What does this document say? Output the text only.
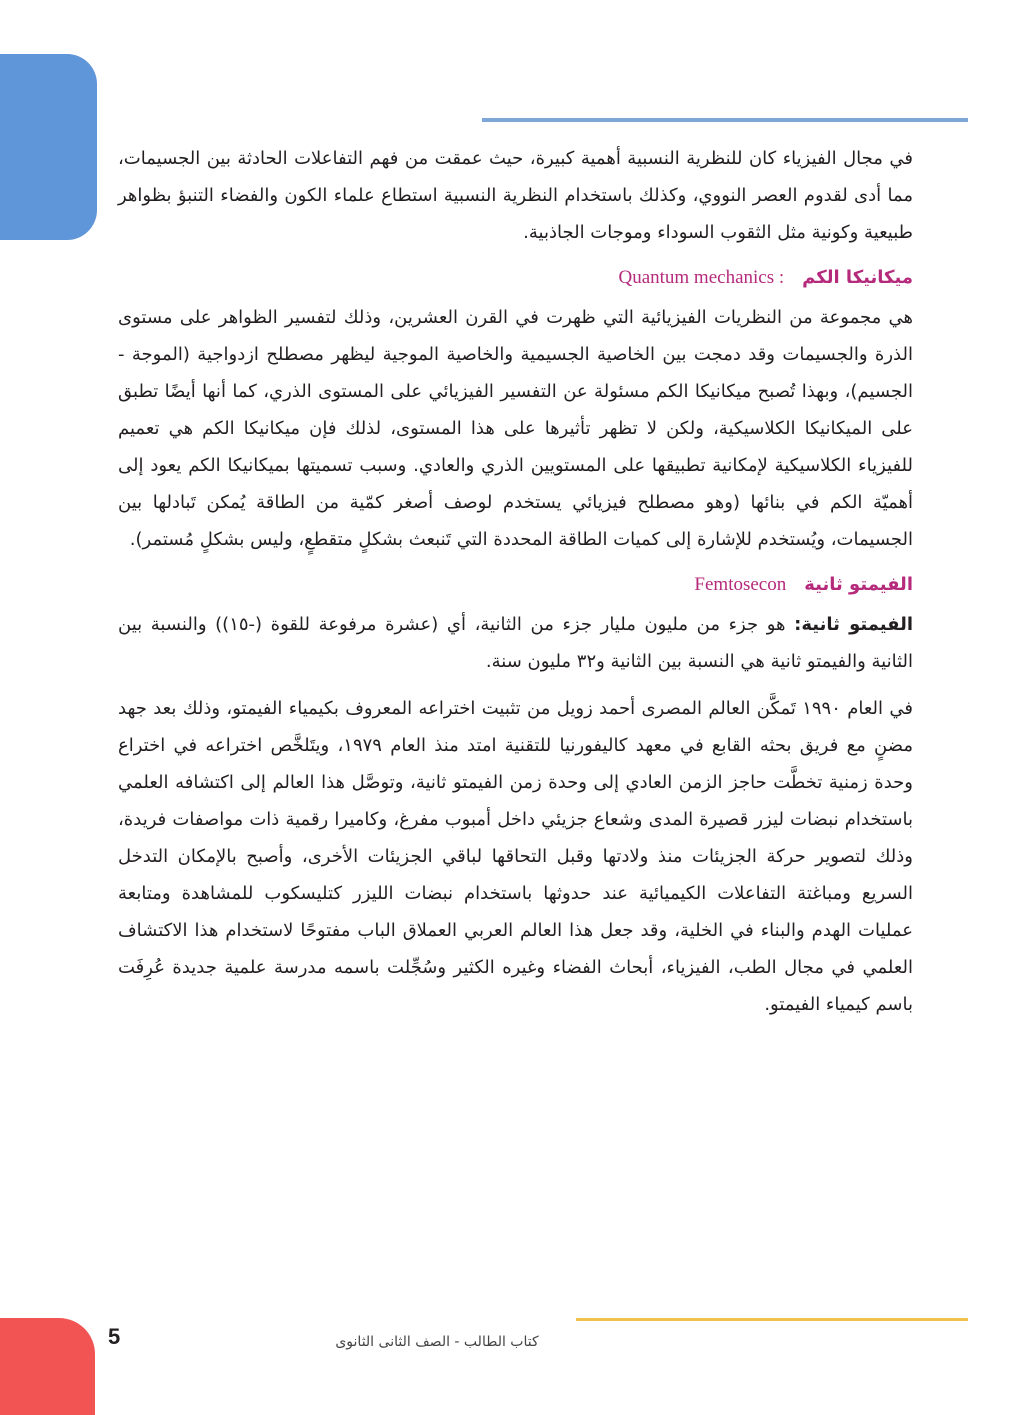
في مجال الفيزياء كان للنظرية النسبية أهمية كبيرة، حيث عمقت من فهم التفاعلات الحادثة بين الجسيمات، مما أدى لقدوم العصر النووي، وكذلك باستخدام النظرية النسبية استطاع علماء الكون والفضاء التنبؤ بظواهر طبيعية وكونية مثل الثقوب السوداء وموجات الجاذبية.

ميكانيكا الكمQuantum mechanics :

هي مجموعة من النظريات الفيزيائية التي ظهرت في القرن العشرين، وذلك لتفسير الظواهر على مستوى الذرة والجسيمات وقد دمجت بين الخاصية الجسيمية والخاصية الموجية ليظهر مصطلح ازدواجية (الموجة - الجسيم)، وبهذا تُصبح ميكانيكا الكم مسئولة عن التفسير الفيزيائي على المستوى الذري، كما أنها أيضًا تطبق على الميكانيكا الكلاسيكية، ولكن لا تظهر تأثيرها على هذا المستوى، لذلك فإن ميكانيكا الكم هي تعميم للفيزياء الكلاسيكية لإمكانية تطبيقها على المستويين الذري والعادي. وسبب تسميتها بميكانيكا الكم يعود إلى أهميّة الكم في بنائها (وهو مصطلح فيزيائي يستخدم لوصف أصغر كمّية من الطاقة يُمكن تَبادلها بين الجسيمات، ويُستخدم للإشارة إلى كميات الطاقة المحددة التي تَنبعث بشكلٍ متقطعٍ، وليس بشكلٍ مُستمر).

الفيمتو ثانيةFemtosecon

الفيمتو ثانية: هو جزء من مليون مليار جزء من الثانية، أي (عشرة مرفوعة للقوة (-١٥)) والنسبة بين الثانية والفيمتو ثانية هي النسبة بين الثانية و٣٢ مليون سنة.

في العام ١٩٩٠ تَمكَّن العالم المصرى أحمد زويل من تثبيت اختراعه المعروف بكيمياء الفيمتو، وذلك بعد جهد مضنٍ مع فريق بحثه القابع في معهد كاليفورنيا للتقنية امتد منذ العام ١٩٧٩، ويتَلخَّص اختراعه في اختراع وحدة زمنية تخطَّت حاجز الزمن العادي إلى وحدة زمن الفيمتو ثانية، وتوصَّل هذا العالم إلى اكتشافه العلمي باستخدام نبضات ليزر قصيرة المدى وشعاع جزيئي داخل أمبوب مفرغ، وكاميرا رقمية ذات مواصفات فريدة، وذلك لتصوير حركة الجزيئات منذ ولادتها وقبل التحاقها لباقي الجزيئات الأخرى، وأصبح بالإمكان التدخل السريع ومباغتة التفاعلات الكيميائية عند حدوثها باستخدام نبضات الليزر كتليسكوب للمشاهدة ومتابعة عمليات الهدم والبناء في الخلية، وقد جعل هذا العالم العربي العملاق الباب مفتوحًا لاستخدام هذا الاكتشاف العلمي في مجال الطب، الفيزياء، أبحاث الفضاء وغيره الكثير وسُجِّلت باسمه مدرسة علمية جديدة عُرِفَت باسم كيمياء الفيمتو.

5	كتاب الطالب - الصف الثانى الثانوى
